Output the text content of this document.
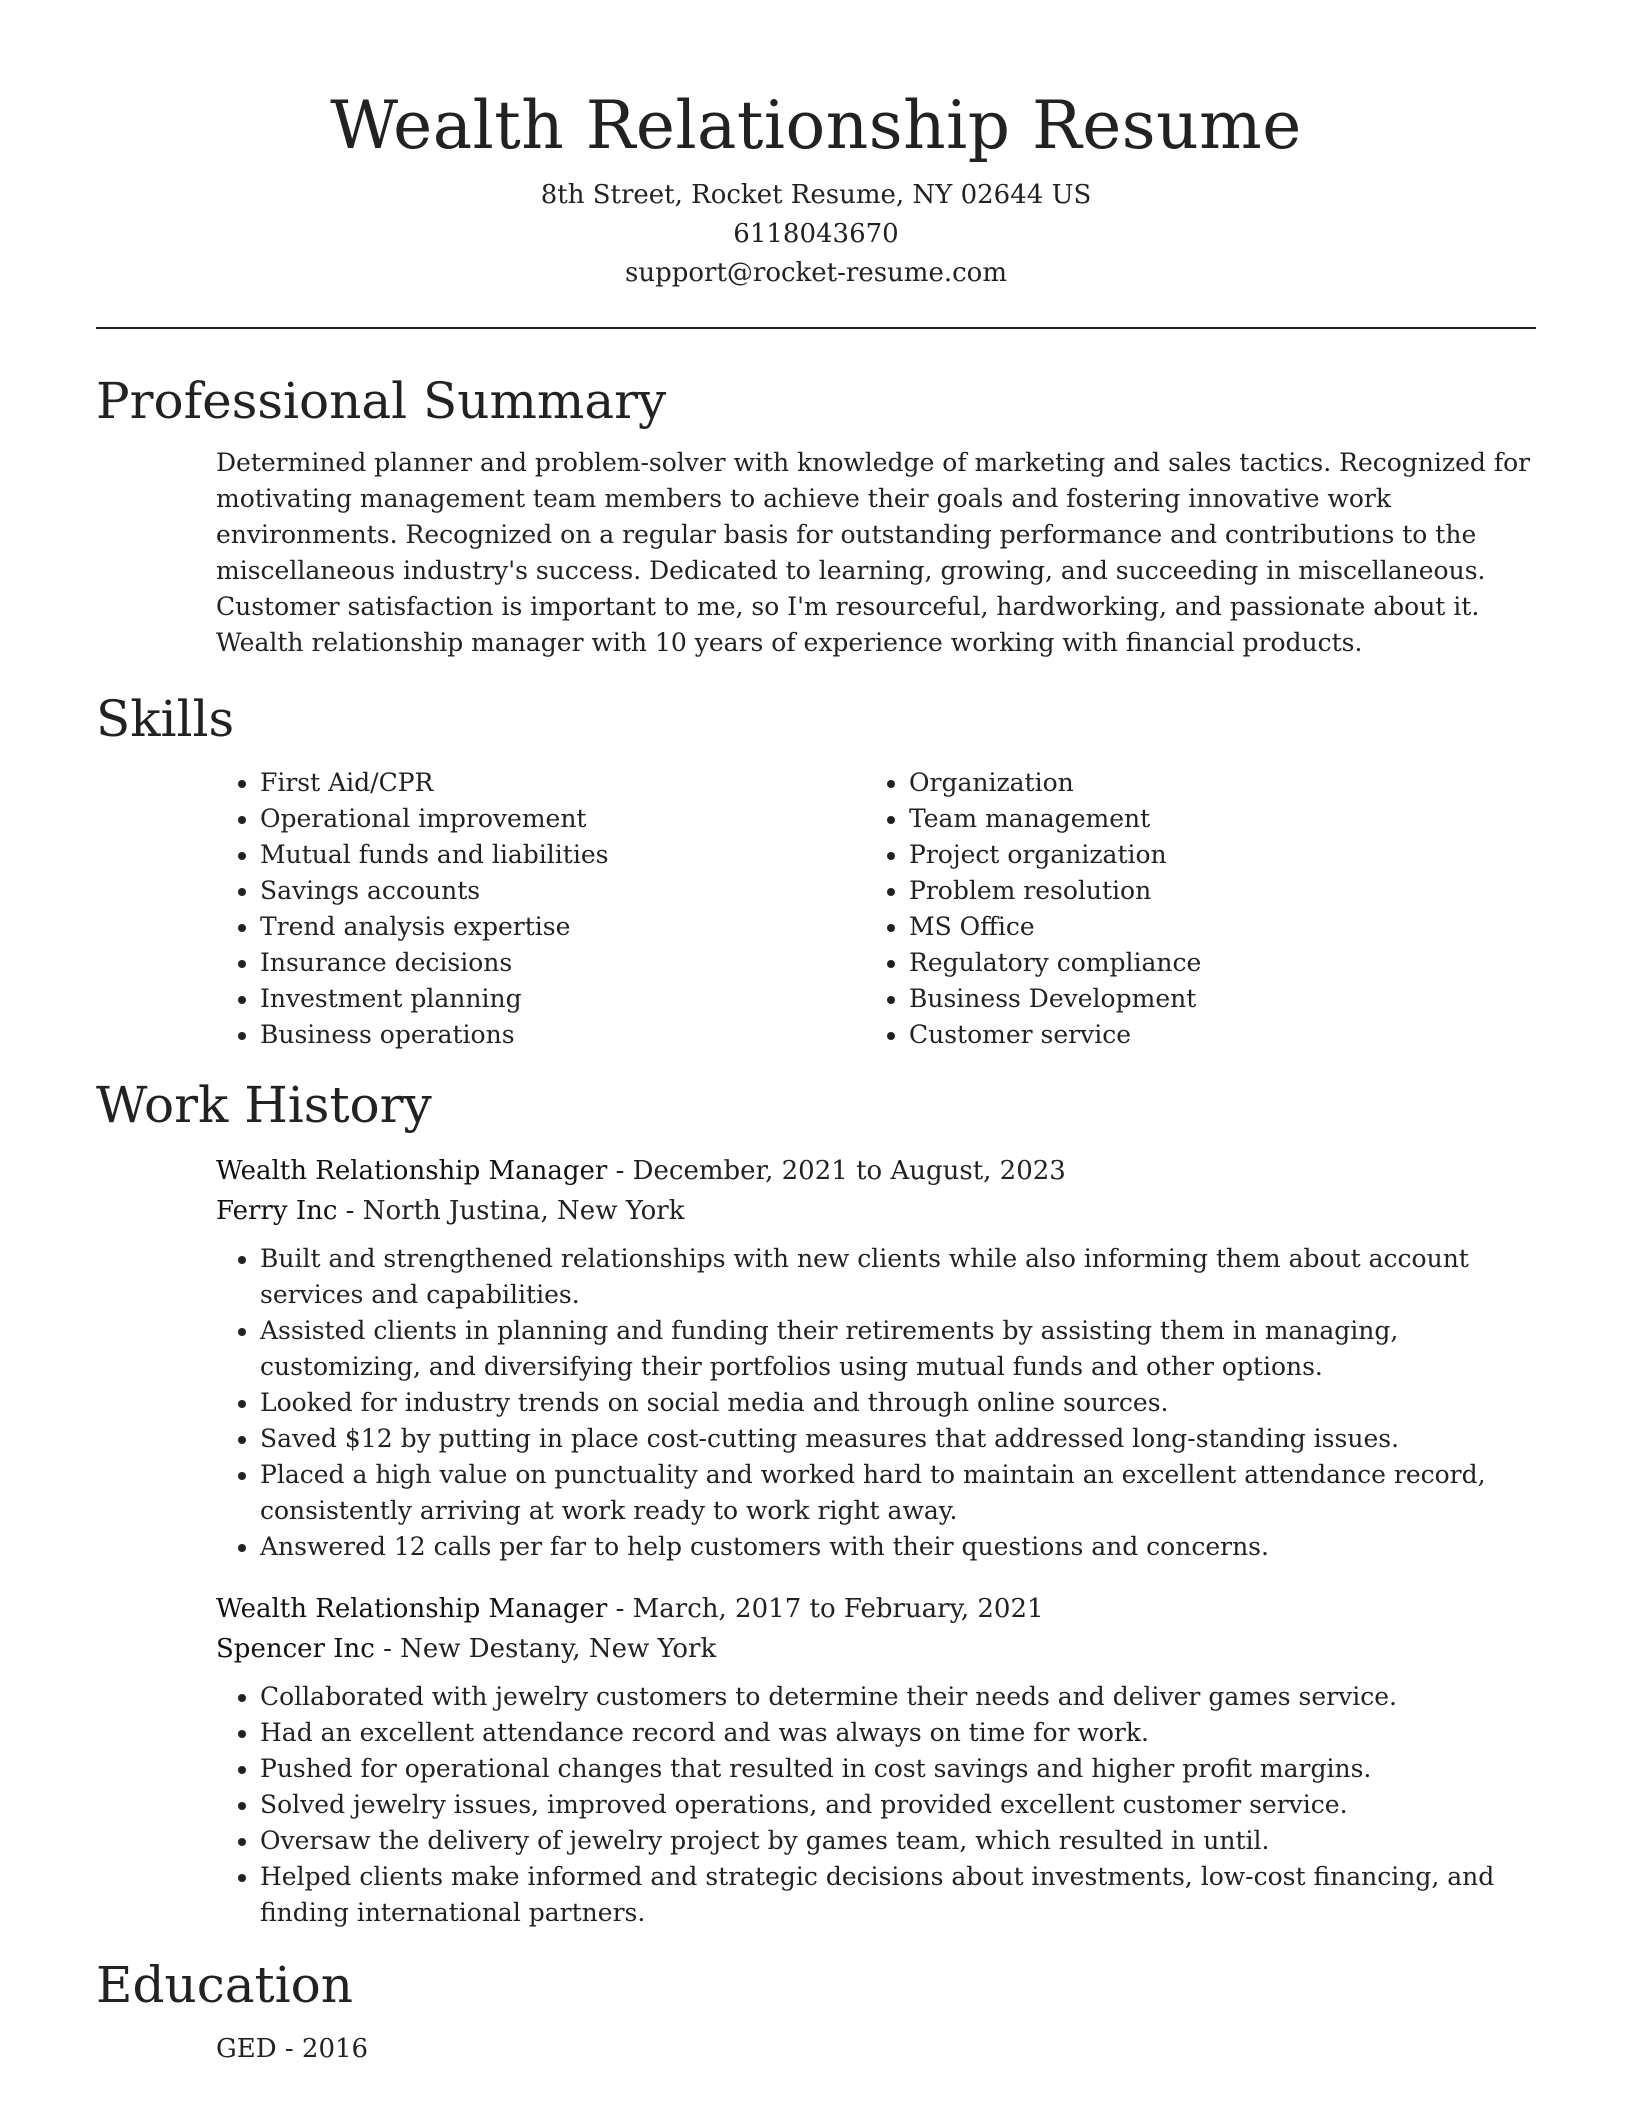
Wealth Relationship Resume
8th Street, Rocket Resume, NY 02644 US
6118043670
support@rocket-resume.com
Professional Summary

Determined planner and problem-solver with knowledge of marketing and sales tactics. Recognized for motivating management team members to achieve their goals and fostering innovative work environments. Recognized on a regular basis for outstanding performance and contributions to the miscellaneous industry's success. Dedicated to learning, growing, and succeeding in miscellaneous. Customer satisfaction is important to me, so I'm resourceful, hardworking, and passionate about it. Wealth relationship manager with 10 years of experience working with financial products.

Skills
• First Aid/CPR
• Operational improvement
• Mutual funds and liabilities
• Savings accounts
• Trend analysis expertise
• Insurance decisions
• Investment planning
• Business operations
• Organization
• Team management
• Project organization
• Problem resolution
• MS Office
• Regulatory compliance
• Business Development
• Customer service
Work History
Wealth Relationship Manager - December, 2021 to August, 2023
Ferry Inc - North Justina, New York
• Built and strengthened relationships with new clients while also informing them about account services and capabilities.
• Assisted clients in planning and funding their retirements by assisting them in managing, customizing, and diversifying their portfolios using mutual funds and other options.
• Looked for industry trends on social media and through online sources.
• Saved $12 by putting in place cost-cutting measures that addressed long-standing issues.
• Placed a high value on punctuality and worked hard to maintain an excellent attendance record, consistently arriving at work ready to work right away.
• Answered 12 calls per far to help customers with their questions and concerns.
Wealth Relationship Manager - March, 2017 to February, 2021
Spencer Inc - New Destany, New York
• Collaborated with jewelry customers to determine their needs and deliver games service.
• Had an excellent attendance record and was always on time for work.
• Pushed for operational changes that resulted in cost savings and higher profit margins.
• Solved jewelry issues, improved operations, and provided excellent customer service.
• Oversaw the delivery of jewelry project by games team, which resulted in until.
• Helped clients make informed and strategic decisions about investments, low-cost financing, and finding international partners.
Education
GED - 2016
